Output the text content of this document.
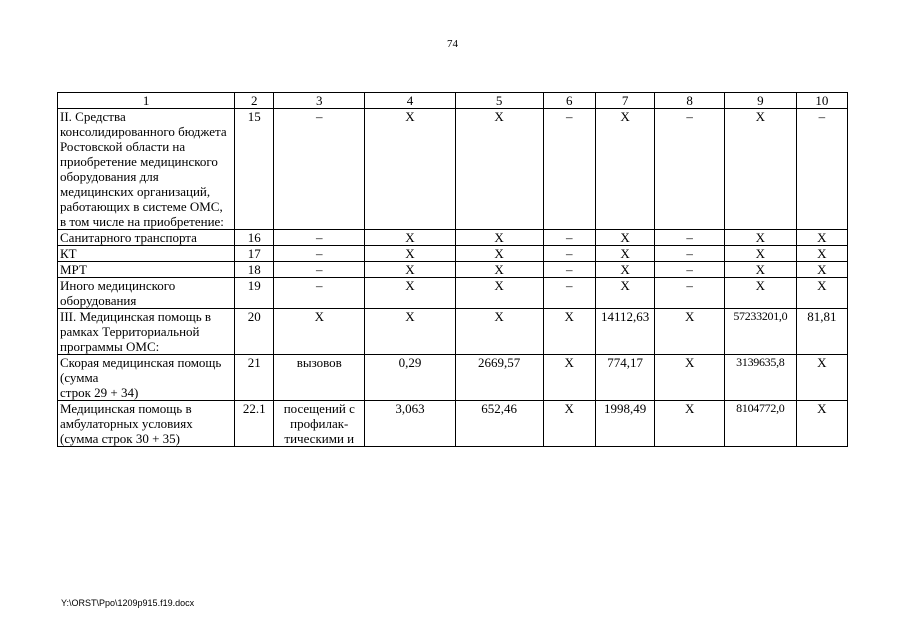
74
1	2	3	4	5	6	7	8	9	10
II. Средства консолидированного бюджета Ростовской области на приобретение медицинского оборудования для медицинских организаций, работающих в системе ОМС,
в том числе на приобретение:	15	–	Х	Х	–	Х	–	Х	–
Санитарного транспорта	16	–	Х	Х	–	Х	–	Х	Х
КТ	17	–	Х	Х	–	Х	–	Х	Х
МРТ	18	–	Х	Х	–	Х	–	Х	Х
Иного медицинского оборудования	19	–	Х	Х	–	Х	–	Х	Х
III. Медицинская помощь в рамках Территориальной программы ОМС:	20	Х	Х	Х	Х	14112,63	Х	57233201,0	81,81
Скорая медицинская помощь (сумма
строк 29 + 34)	21	вызовов	0,29	2669,57	Х	774,17	Х	3139635,8	Х
Медицинская помощь в амбулаторных условиях (сумма строк 30 + 35)	22.1	посещений с профилак-тическими и	3,063	652,46	Х	1998,49	Х	8104772,0	Х
Y:\ORST\Ppo\1209p915.f19.docx
